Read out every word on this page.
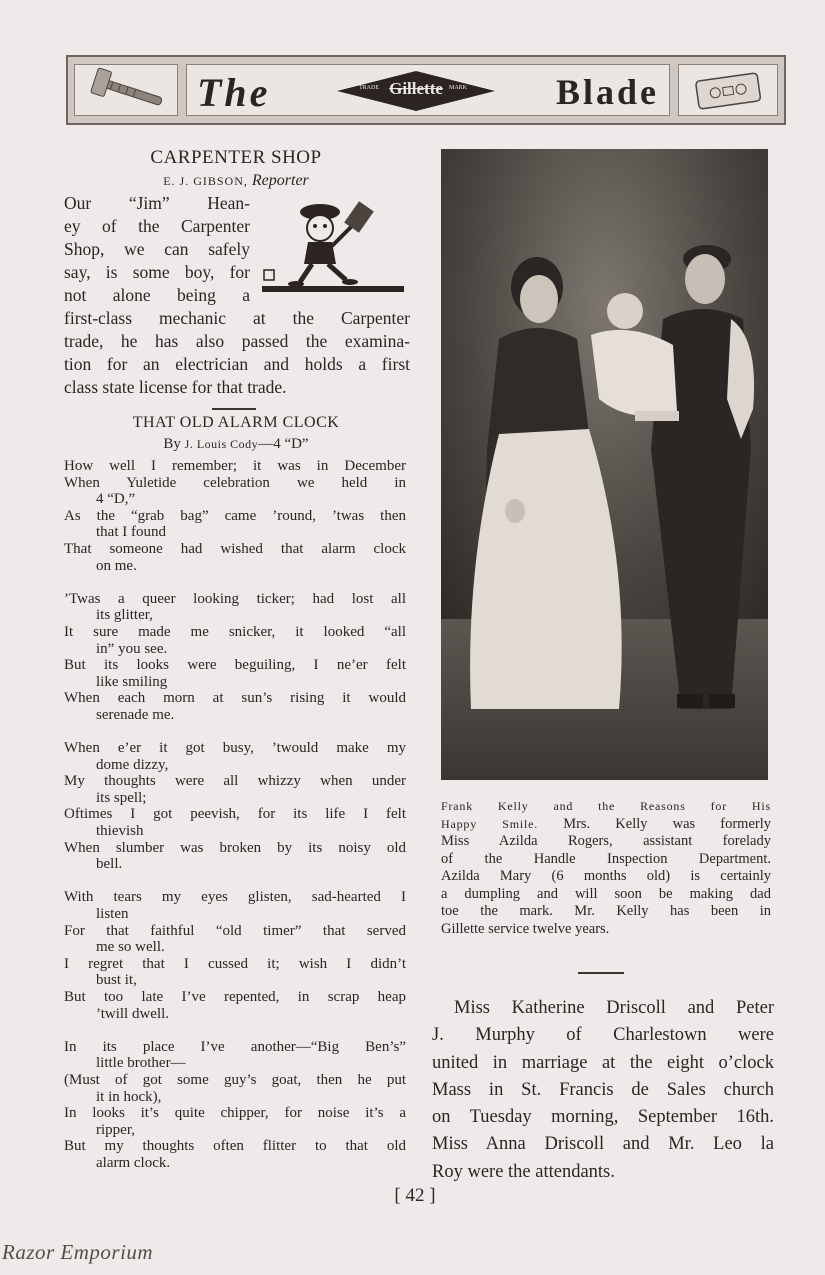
The	TRADE Gillette	MARK Blade
CARPENTER SHOP
E. J. GIBSON, Reporter
Our “Jim” Hean-
ey of the Carpenter
Shop, we can safely
say, is some boy, for
not alone being a
first-class mechanic at the Carpenter
trade, he has also passed the examina-
tion for an electrician and holds a first
class state license for that trade.
THAT OLD ALARM CLOCK
By J. Louis Cody—4 “D”
How well I remember; it was in December
When Yuletide celebration we held in
4 “D,”
As the “grab bag” came ’round, ’twas then
that I found
That someone had wished that alarm clock
on me.
’Twas a queer looking ticker; had lost all
its glitter,
It sure made me snicker, it looked “all
in” you see.
But its looks were beguiling, I ne’er felt
like smiling
When each morn at sun’s rising it would
serenade me.
When e’er it got busy, ’twould make my
dome dizzy,
My thoughts were all whizzy when under
its spell;
Oftimes I got peevish, for its life I felt
thievish
When slumber was broken by its noisy old
bell.
With tears my eyes glisten, sad-hearted I
listen
For that faithful “old timer” that served
me so well.
I regret that I cussed it; wish I didn’t
bust it,
But too late I’ve repented, in scrap heap
’twill dwell.
In its place I’ve another—“Big Ben’s”
little brother—
(Must of got some guy’s goat, then he put
it in hock),
In looks it’s quite chipper, for noise it’s a
ripper,
But my thoughts often flitter to that old
alarm clock.
Frank Kelly and the Reasons for His
Happy Smile. Mrs. Kelly was formerly
Miss Azilda Rogers, assistant forelady
of the Handle Inspection Department.
Azilda Mary (6 months old) is certainly
a dumpling and will soon be making dad
toe the mark. Mr. Kelly has been in
Gillette service twelve years.
Miss Katherine Driscoll and Peter
J. Murphy of Charlestown were
united in marriage at the eight o’clock
Mass in St. Francis de Sales church
on Tuesday morning, September 16th.
Miss Anna Driscoll and Mr. Leo la
Roy were the attendants.
[ 42 ]
Razor Emporium
